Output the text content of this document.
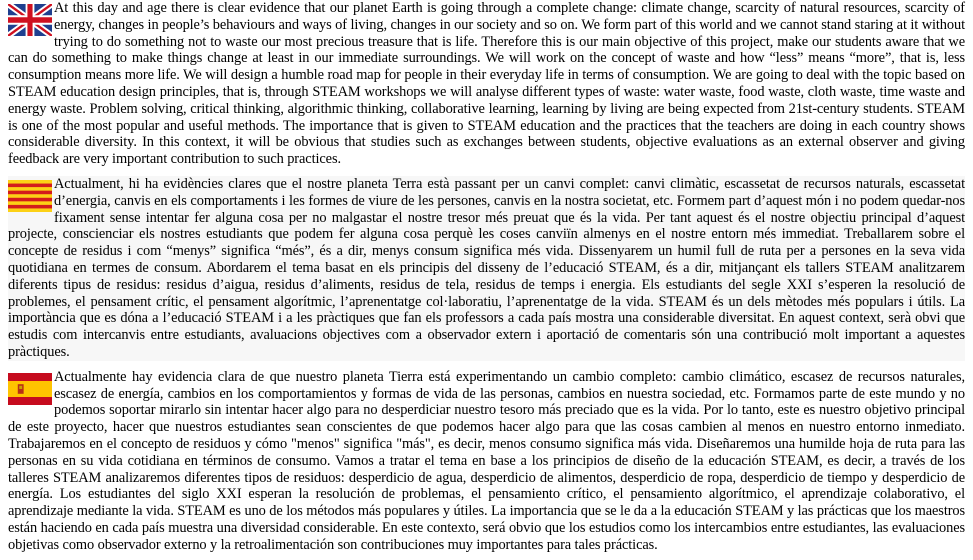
At this day and age there is clear evidence that our planet Earth is going through a complete change: climate change, scarcity of natural resources, scarcity of energy, changes in people’s behaviours and ways of living, changes in our society and so on. We form part of this world and we cannot stand staring at it without trying to do something not to waste our most precious treasure that is life. Therefore this is our main objective of this project, make our students aware that we can do something to make things change at least in our immediate surroundings. We will work on the concept of waste and how “less” means “more”, that is, less consumption means more life. We will design a humble road map for people in their everyday life in terms of consumption. We are going to deal with the topic based on STEAM education design principles, that is, through STEAM workshops we will analyse different types of waste: water waste, food waste, cloth waste, time waste and energy waste. Problem solving, critical thinking, algorithmic thinking, collaborative learning, learning by living are being expected from 21st-century students. STEAM is one of the most popular and useful methods. The importance that is given to STEAM education and the practices that the teachers are doing in each country shows considerable diversity. In this context, it will be obvious that studies such as exchanges between students, objective evaluations as an external observer and giving feedback are very important contribution to such practices.

Actualment, hi ha evidències clares que el nostre planeta Terra està passant per un canvi complet: canvi climàtic, escassetat de recursos naturals, escassetat d’energia, canvis en els comportaments i les formes de viure de les persones, canvis en la nostra societat, etc. Formem part d’aquest món i no podem quedar-nos fixament sense intentar fer alguna cosa per no malgastar el nostre tresor més preuat que és la vida. Per tant aquest és el nostre objectiu principal d’aquest projecte, conscienciar els nostres estudiants que podem fer alguna cosa perquè les coses canviïn almenys en el nostre entorn més immediat. Treballarem sobre el concepte de residus i com “menys” significa “més”, és a dir, menys consum significa més vida. Dissenyarem un humil full de ruta per a persones en la seva vida quotidiana en termes de consum. Abordarem el tema basat en els principis del disseny de l’educació STEAM, és a dir, mitjançant els tallers STEAM analitzarem diferents tipus de residus: residus d’aigua, residus d’aliments, residus de tela, residus de temps i energia. Els estudiants del segle XXI s’esperen la resolució de problemes, el pensament crític, el pensament algorítmic, l’aprenentatge col·laboratiu, l’aprenentatge de la vida. STEAM és un dels mètodes més populars i útils. La importància que es dóna a l’educació STEAM i a les pràctiques que fan els professors a cada país mostra una considerable diversitat. En aquest context, serà obvi que estudis com intercanvis entre estudiants, avaluacions objectives com a observador extern i aportació de comentaris són una contribució molt important a aquestes pràctiques.

Actualmente hay evidencia clara de que nuestro planeta Tierra está experimentando un cambio completo: cambio climático, escasez de recursos naturales, escasez de energía, cambios en los comportamientos y formas de vida de las personas, cambios en nuestra sociedad, etc. Formamos parte de este mundo y no podemos soportar mirarlo sin intentar hacer algo para no desperdiciar nuestro tesoro más preciado que es la vida. Por lo tanto, este es nuestro objetivo principal de este proyecto, hacer que nuestros estudiantes sean conscientes de que podemos hacer algo para que las cosas cambien al menos en nuestro entorno inmediato. Trabajaremos en el concepto de residuos y cómo "menos" significa "más", es decir, menos consumo significa más vida. Diseñaremos una humilde hoja de ruta para las personas en su vida cotidiana en términos de consumo. Vamos a tratar el tema en base a los principios de diseño de la educación STEAM, es decir, a través de los talleres STEAM analizaremos diferentes tipos de residuos: desperdicio de agua, desperdicio de alimentos, desperdicio de ropa, desperdicio de tiempo y desperdicio de energía. Los estudiantes del siglo XXI esperan la resolución de problemas, el pensamiento crítico, el pensamiento algorítmico, el aprendizaje colaborativo, el aprendizaje mediante la vida. STEAM es uno de los métodos más populares y útiles. La importancia que se le da a la educación STEAM y las prácticas que los maestros están haciendo en cada país muestra una diversidad considerable. En este contexto, será obvio que los estudios como los intercambios entre estudiantes, las evaluaciones objetivas como observador externo y la retroalimentación son contribuciones muy importantes para tales prácticas.
